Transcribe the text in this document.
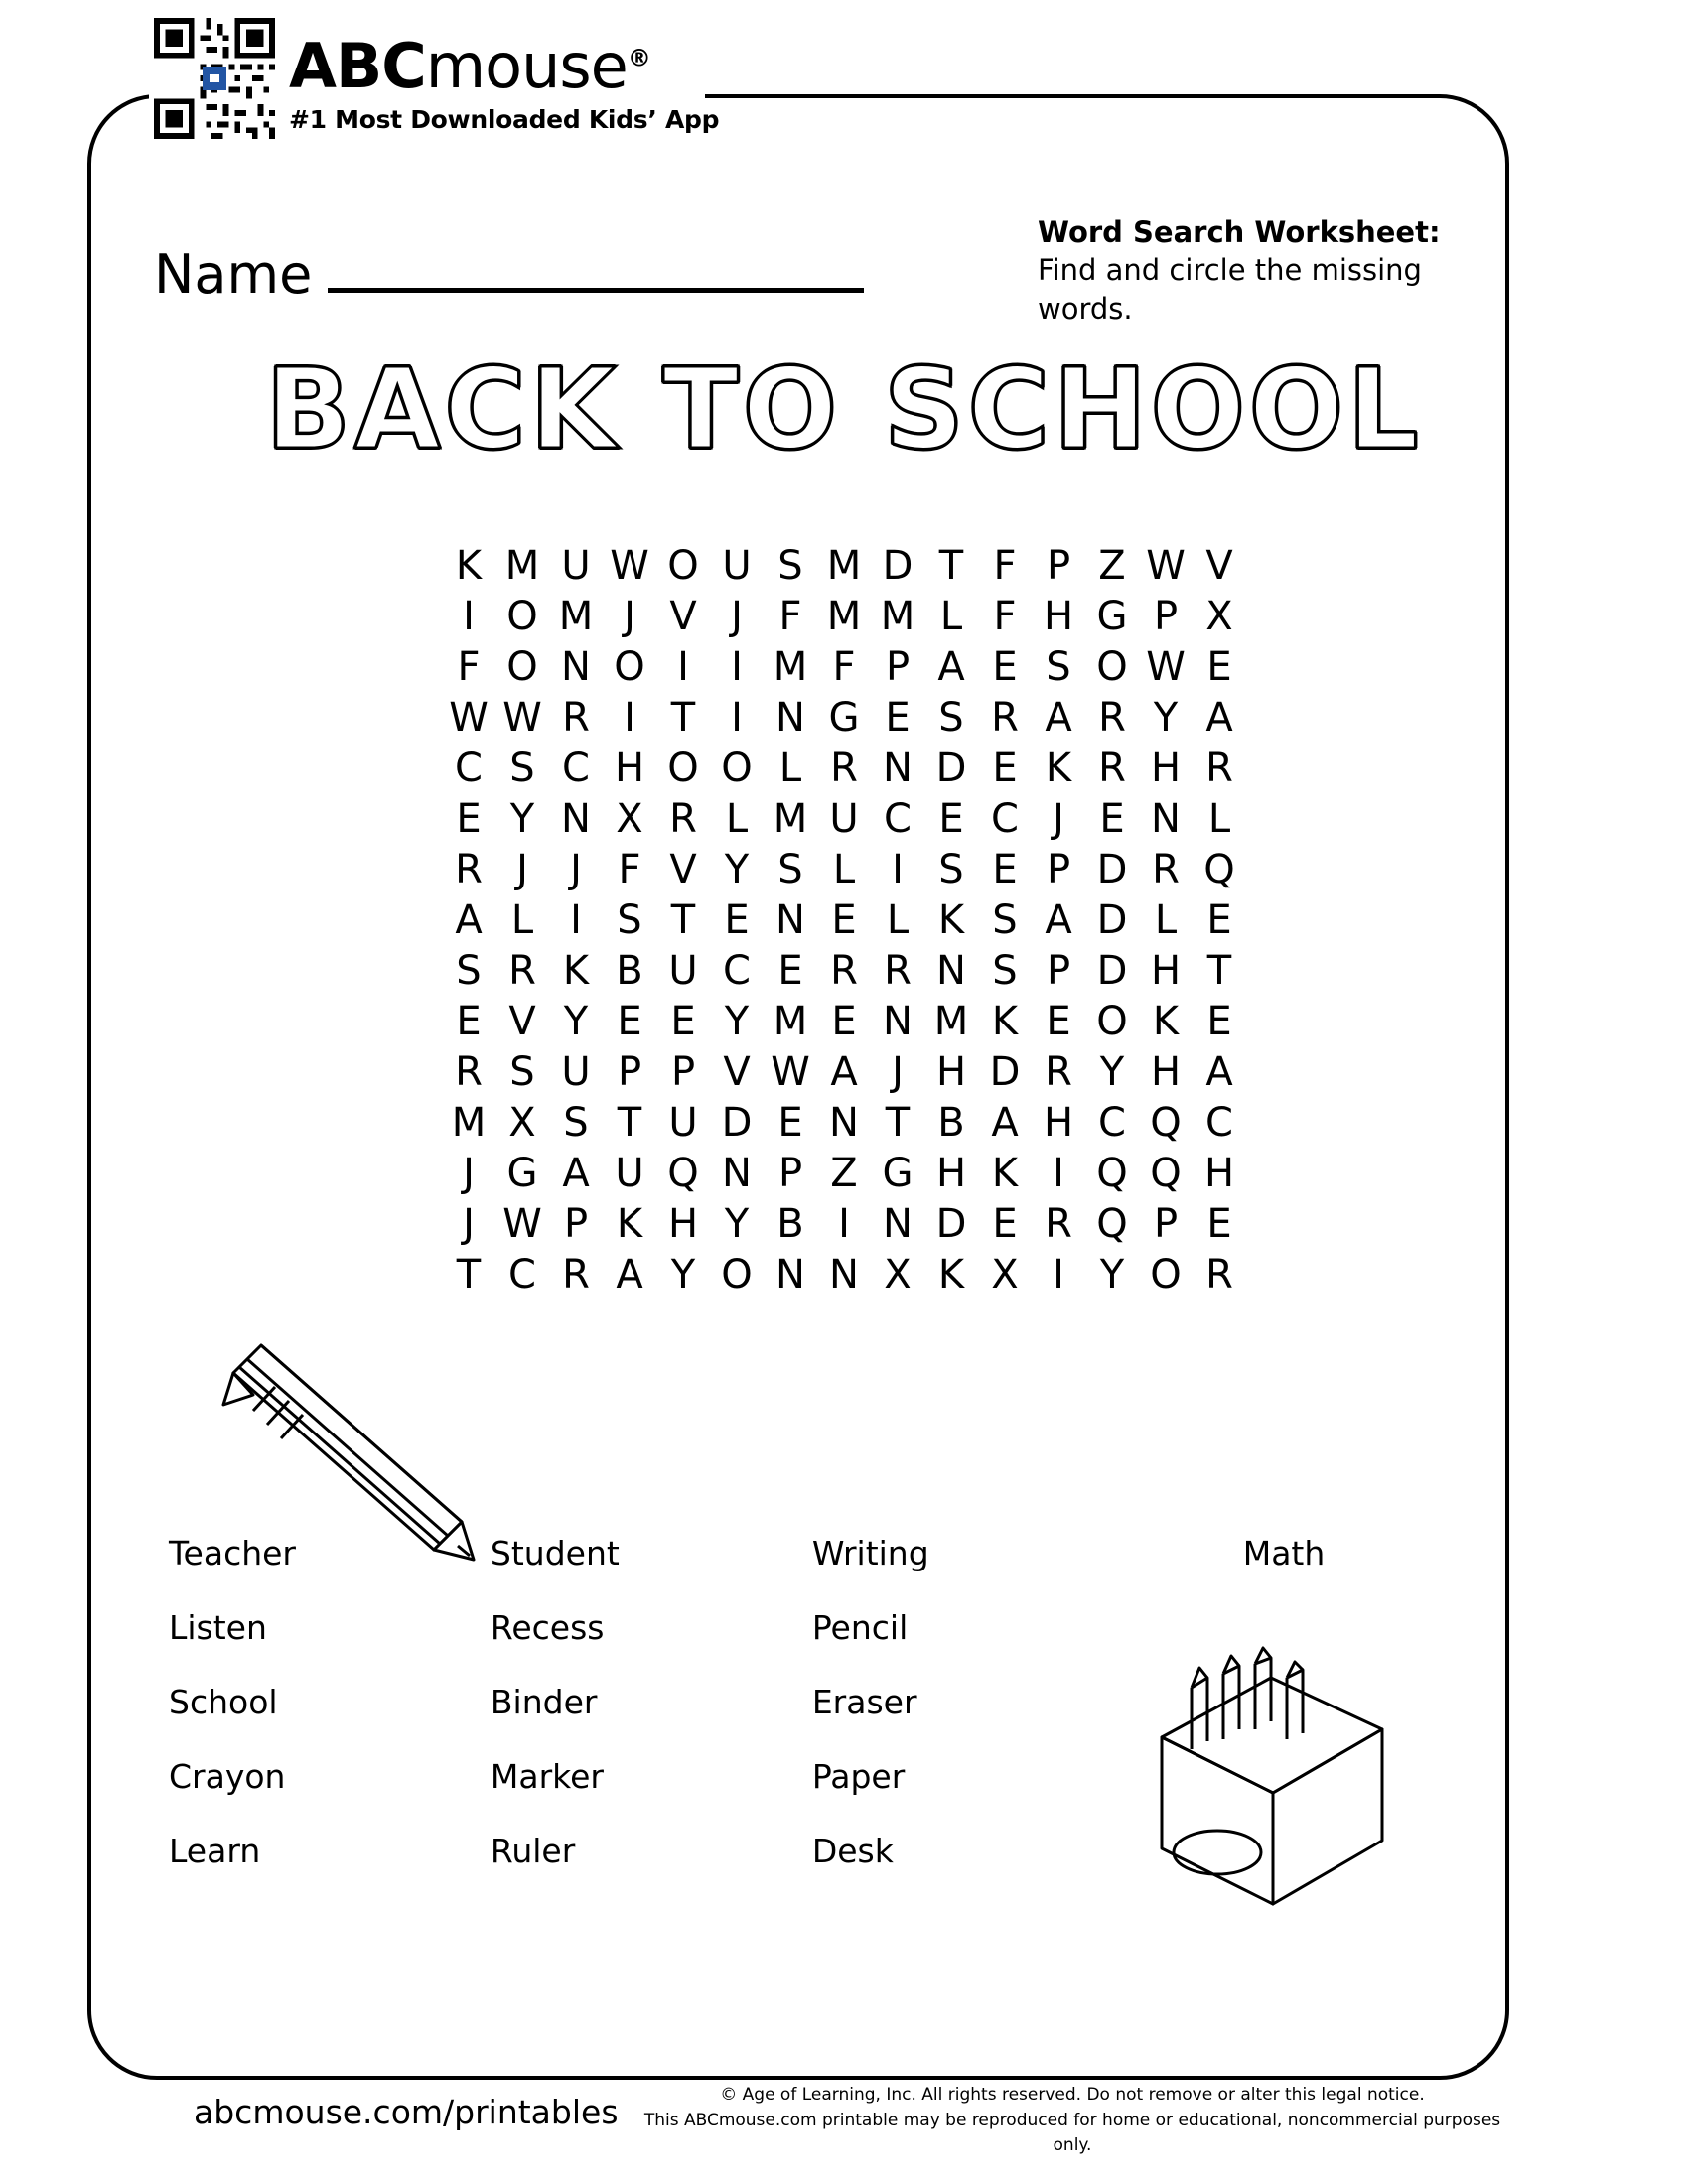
ABCmouse®
#1 Most Downloaded Kids’ App
Name
Word Search Worksheet: Find and circle the missing words.
BACK TO SCHOOL
K M U W O U S M D T F P Z W V
I O M J V J F M M L F H G P X
F O N O I	I M F P A E S O W E
W W R I T I N G E S R A R Y A
C S C H O O L R N D E K R H R
E Y N X R L M U C E C J E N L
R J	J F V Y S L I S E P D R Q
A L I S T E N E L K S A D L E
S R K B U C E R R N S P D H T
E V Y E E Y M E N M K E O K E
R S U P P V W A J H D R Y H A
M X S T U D E N T B A H C Q C
J G A U Q N P Z G H K I Q Q H
J W P K H Y B I N D E R Q P E
T C R A Y O N N X K X I Y O R
Teacher
Listen
School
Crayon
Learn
Student
Recess
Binder
Marker
Ruler
Writing
Pencil
Eraser
Paper
Desk
Math
abcmouse.com/printables	© Age of Learning, Inc. All rights reserved. Do not remove or alter this legal notice.
This ABCmouse.com printable may be reproduced for home or educational, noncommercial purposes only.
